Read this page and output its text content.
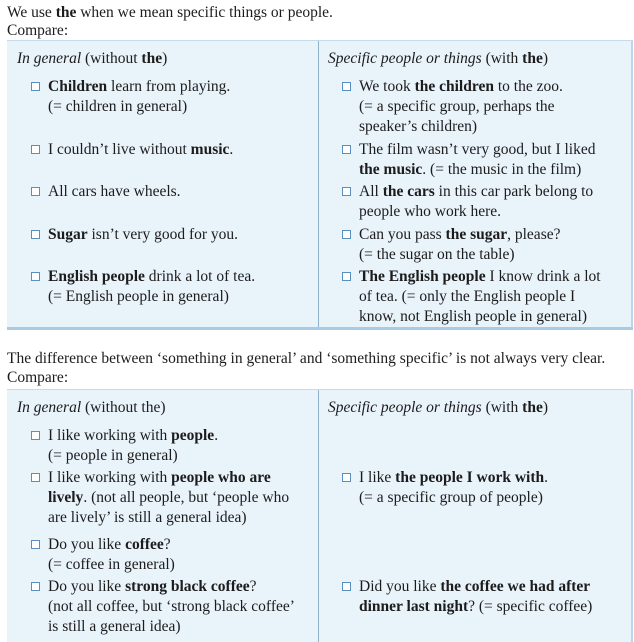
We use the when we mean specific things or people.
Compare:
In general (without the)	Specific people or things (with the)
Children learn from playing.
(= children in general)
I couldn’t live without music.
All cars have wheels.
Sugar isn’t very good for you.
English people drink a lot of tea.
(= English people in general)
We took the children to the zoo.
(= a specific group, perhaps the
speaker’s children)
The film wasn’t very good, but I liked
the music. (= the music in the film)
All the cars in this car park belong to
people who work here.
Can you pass the sugar, please?
(= the sugar on the table)
The English people I know drink a lot
of tea. (= only the English people I
know, not English people in general)
The difference between ‘something in general’ and ‘something specific’ is not always very clear.
Compare:
In general (without the)	Specific people or things (with the)
I like working with people.
(= people in general)
I like working with people who are
lively. (not all people, but ‘people who
are lively’ is still a general idea)
Do you like coffee?
(= coffee in general)
Do you like strong black coffee?
(not all coffee, but ‘strong black coffee’
is still a general idea)
I like the people I work with.
(= a specific group of people)
Did you like the coffee we had after
dinner last night? (= specific coffee)
